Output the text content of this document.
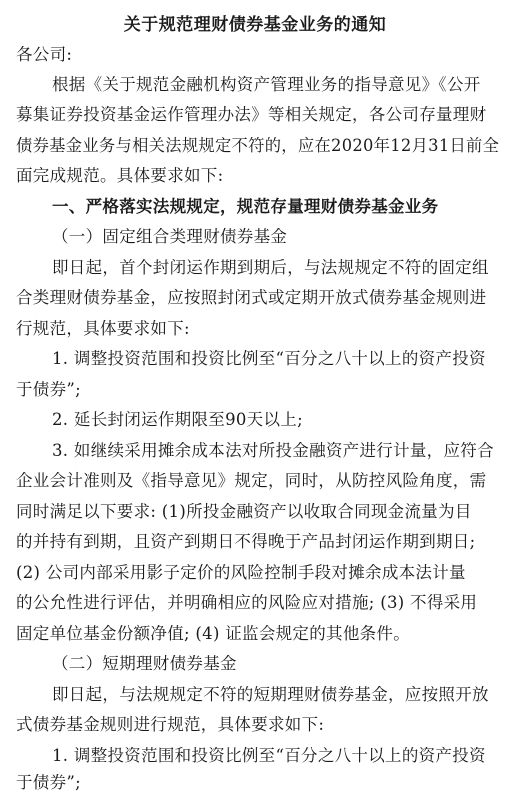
关于规范理财债券基金业务的通知
各公司:
根据《关于规范金融机构资产管理业务的指导意见》《公开
募集证券投资基金运作管理办法》等相关规定，各公司存量理财
债券基金业务与相关法规规定不符的，应在2020年12月31日前全
面完成规范。具体要求如下:
一、严格落实法规规定，规范存量理财债券基金业务
（一）固定组合类理财债券基金
即日起，首个封闭运作期到期后，与法规规定不符的固定组
合类理财债券基金，应按照封闭式或定期开放式债券基金规则进
行规范，具体要求如下:
1. 调整投资范围和投资比例至“百分之八十以上的资产投资
于债券”;
2. 延长封闭运作期限至90天以上;
3. 如继续采用摊余成本法对所投金融资产进行计量，应符合
企业会计准则及《指导意见》规定，同时，从防控风险角度，需
同时满足以下要求: (1)所投金融资产以收取合同现金流量为目
的并持有到期，且资产到期日不得晚于产品封闭运作期到期日;
(2) 公司内部采用影子定价的风险控制手段对摊余成本法计量
的公允性进行评估，并明确相应的风险应对措施; (3) 不得采用
固定单位基金份额净值; (4) 证监会规定的其他条件。
（二）短期理财债券基金
即日起，与法规规定不符的短期理财债券基金，应按照开放
式债券基金规则进行规范，具体要求如下:
1. 调整投资范围和投资比例至“百分之八十以上的资产投资
于债券”;
